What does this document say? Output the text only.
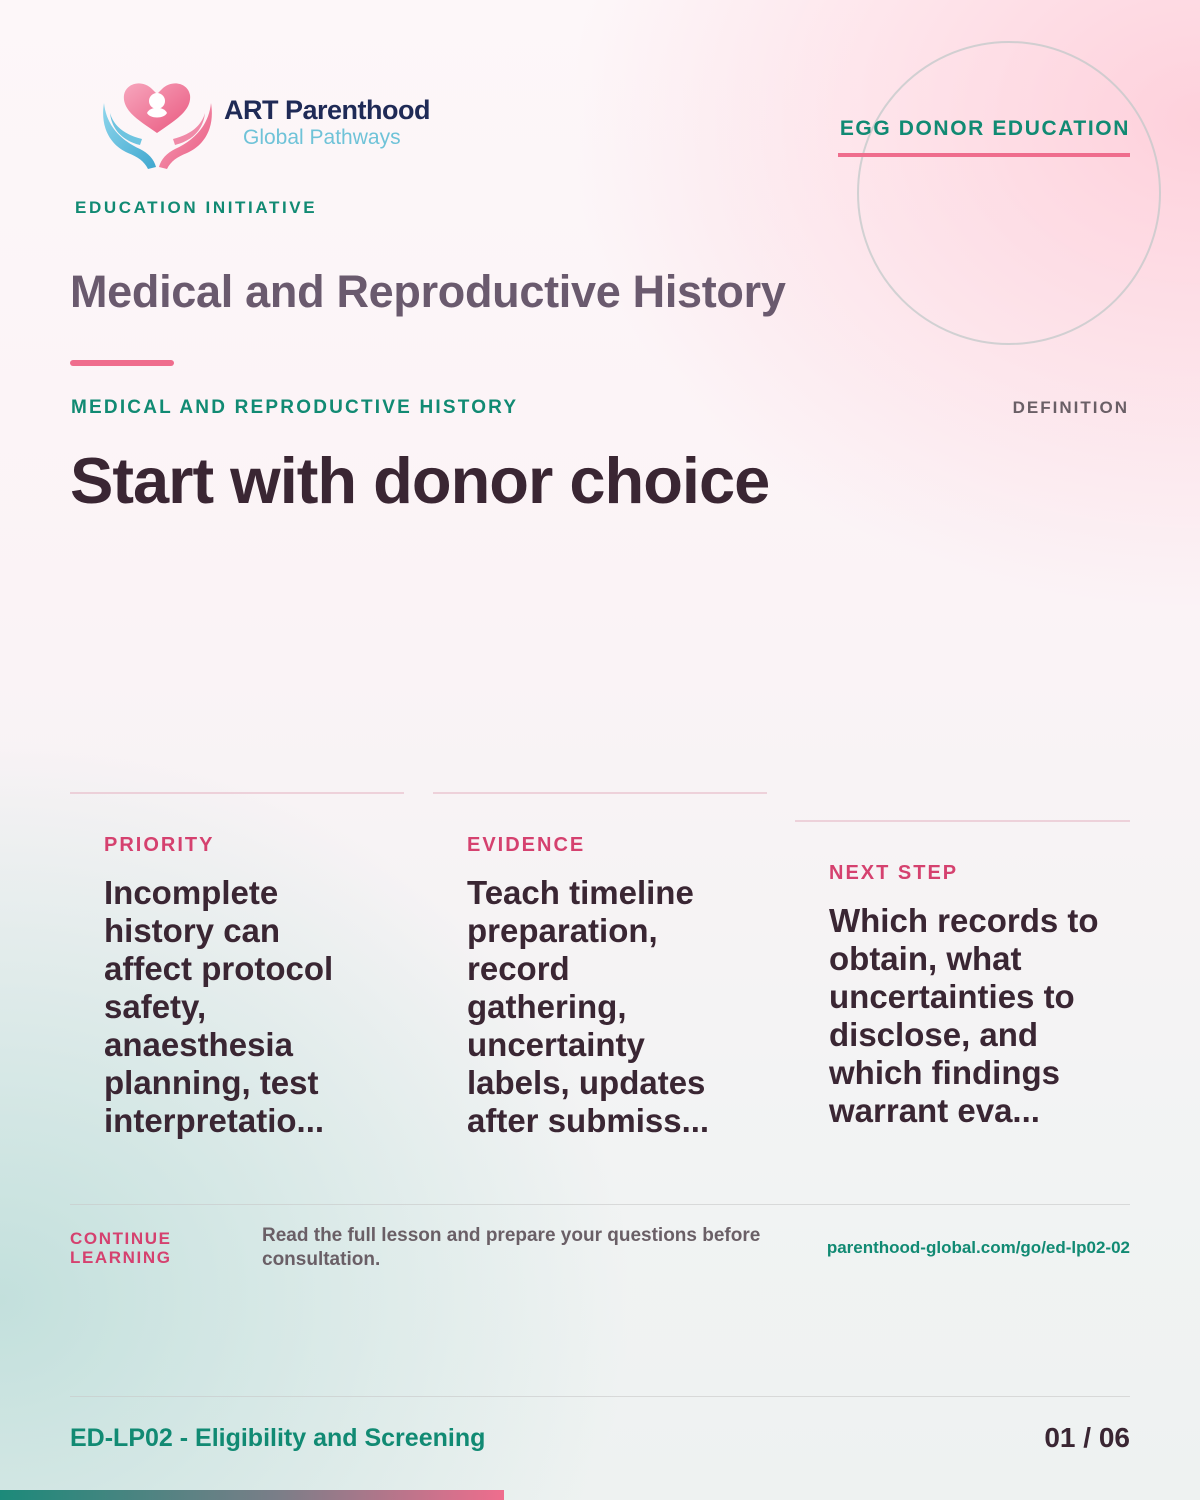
ART Parenthood
Global Pathways
EDUCATION INITIATIVE
EGG DONOR EDUCATION
Medical and Reproductive History
MEDICAL AND REPRODUCTIVE HISTORY	DEFINITION
Start with donor choice
PRIORITY
Incomplete history can affect protocol safety, anaesthesia planning, test interpretatio...
EVIDENCE
Teach timeline preparation, record gathering, uncertainty labels, updates after submiss...
NEXT STEP
Which records to obtain, what uncertainties to disclose, and which findings warrant eva...
CONTINUE LEARNING
Read the full lesson and prepare your questions before consultation.
parenthood-global.com/go/ed-lp02-02
ED-LP02 - Eligibility and Screening	01 / 06
